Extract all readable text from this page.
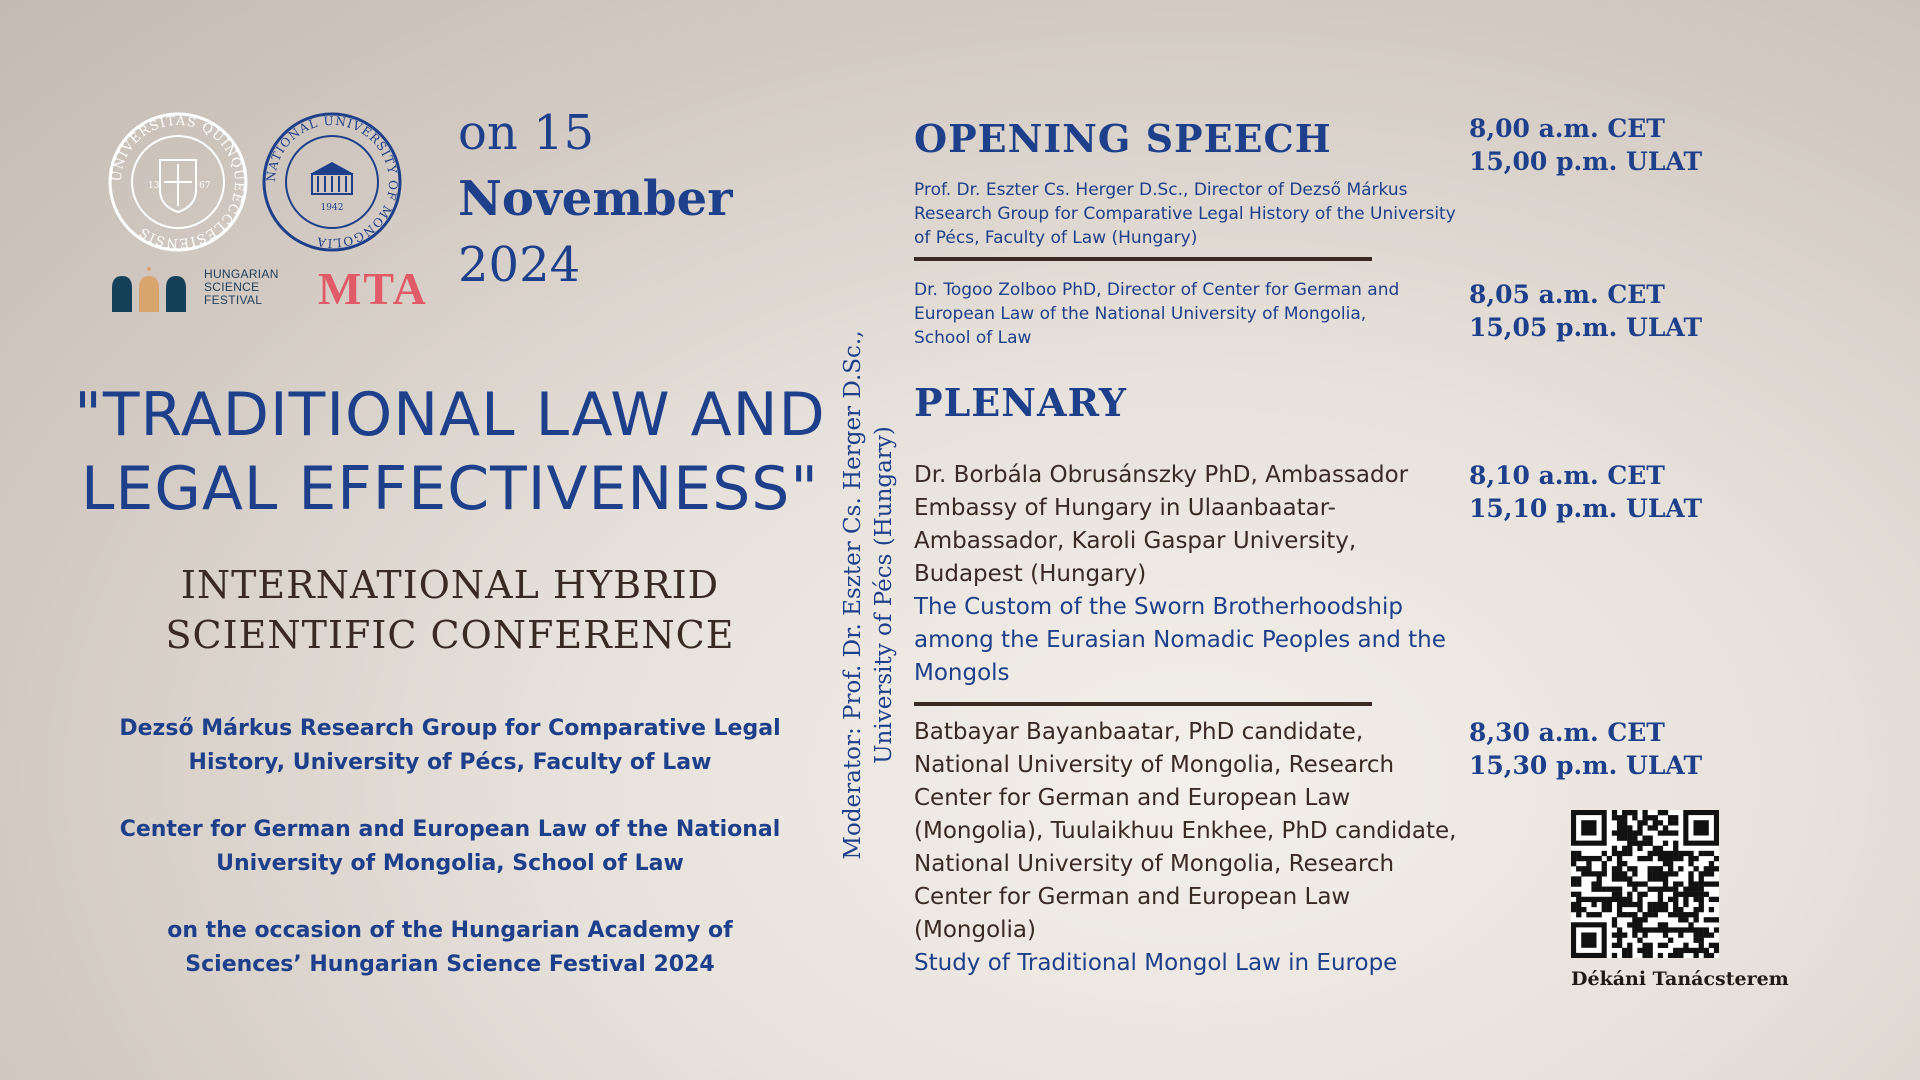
UNIVERSITAS QUINQUEECCLESIENSIS
13	67
NATIONAL UNIVERSITY OF MONGOLIA
1942
HUNGARIAN
SCIENCE
FESTIVAL	MTA
on 15
November
2024
"TRADITIONAL LAW AND
LEGAL EFFECTIVENESS"
INTERNATIONAL HYBRID
SCIENTIFIC CONFERENCE
Dezső Márkus Research Group for Comparative Legal
History, University of Pécs, Faculty of Law
Center for German and European Law of the National
University of Mongolia, School of Law
on the occasion of the Hungarian Academy of
Sciences’ Hungarian Science Festival 2024
Moderator: Prof. Dr. Eszter Cs. Herger D.Sc., University of Pécs (Hungary)
OPENING SPEECH
Prof. Dr. Eszter Cs. Herger D.Sc., Director of Dezső Márkus
Research Group for Comparative Legal History of the University
of Pécs, Faculty of Law (Hungary)
8,00 a.m. CET
15,00 p.m. ULAT
Dr. Togoo Zolboo PhD, Director of Center for German and
European Law of the National University of Mongolia,
School of Law
8,05 a.m. CET
15,05 p.m. ULAT
PLENARY
Dr. Borbála Obrusánszky PhD, Ambassador
Embassy of Hungary in Ulaanbaatar-
Ambassador, Karoli Gaspar University,
Budapest (Hungary)
The Custom of the Sworn Brotherhoodship
among the Eurasian Nomadic Peoples and the
Mongols
8,10 a.m. CET
15,10 p.m. ULAT
Batbayar Bayanbaatar, PhD candidate,
National University of Mongolia, Research
Center for German and European Law
(Mongolia), Tuulaikhuu Enkhee, PhD candidate,
National University of Mongolia, Research
Center for German and European Law
(Mongolia)
Study of Traditional Mongol Law in Europe
8,30 a.m. CET
15,30 p.m. ULAT
Dékáni Tanácsterem
